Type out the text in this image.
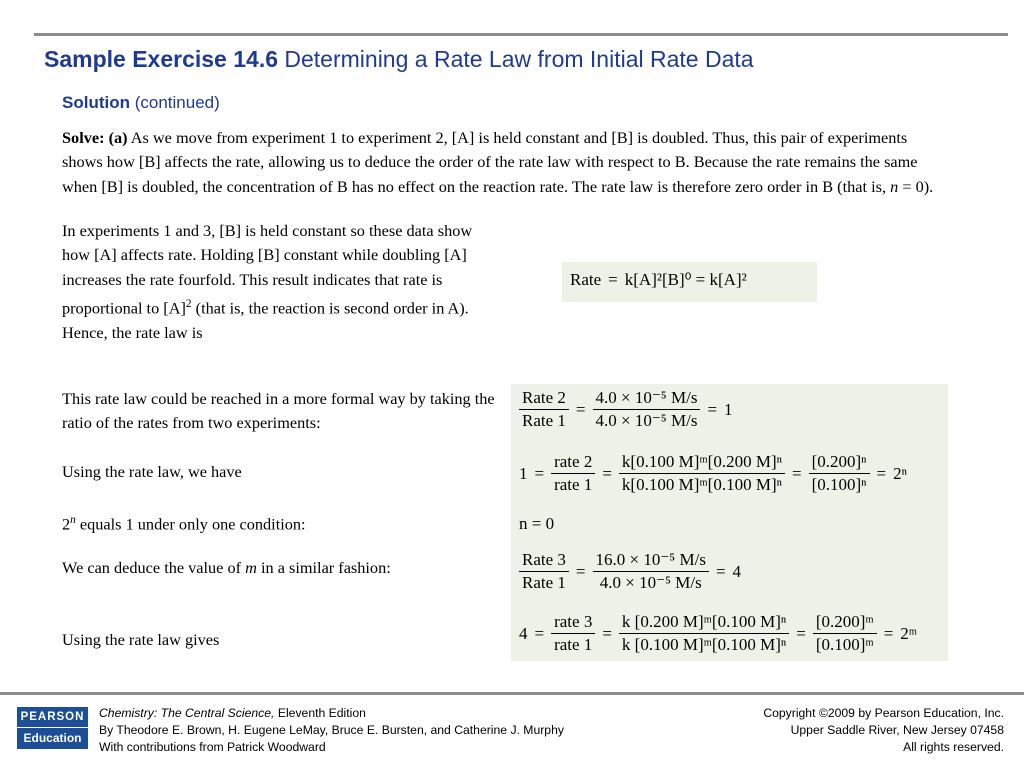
Sample Exercise 14.6 Determining a Rate Law from Initial Rate Data
Solution (continued)
Solve: (a) As we move from experiment 1 to experiment 2, [A] is held constant and [B] is doubled. Thus, this pair of experiments shows how [B] affects the rate, allowing us to deduce the order of the rate law with respect to B. Because the rate remains the same when [B] is doubled, the concentration of B has no effect on the reaction rate. The rate law is therefore zero order in B (that is, n = 0).
In experiments 1 and 3, [B] is held constant so these data show how [A] affects rate. Holding [B] constant while doubling [A] increases the rate fourfold. This result indicates that rate is proportional to $[A]^2$ (that is, the reaction is second order in A). Hence, the rate law is
This rate law could be reached in a more formal way by taking the ratio of the rates from two experiments:
Using the rate law, we have
2$^n$ equals 1 under only one condition:
We can deduce the value of m in a similar fashion:
Using the rate law gives
Rate = k[A]²[B]⁰ = k[A]²
$\frac{\text{Rate 2}}{\text{Rate 1}} = \frac{\text{4.0 × 10⁻⁵ M/s}}{\text{4.0 × 10⁻⁵ M/s}} = 1$
$1 = \frac{\text{rate 2}}{\text{rate 1}} = \frac{\text{k[0.100 M]ᵐ[0.200 M]ⁿ}}{\text{k[0.100 M]ᵐ[0.100 M]ⁿ}} = \frac{\text{[0.200]ⁿ}}{\text{[0.100]ⁿ}} = 2^n$
n = 0
$\frac{\text{Rate 3}}{\text{Rate 1}} = \frac{\text{16.0 × 10⁻⁵ M/s}}{\text{4.0 × 10⁻⁵ M/s}} = 4$
$4 = \frac{\text{rate 3}}{\text{rate 1}} = \frac{\text{k [0.200 M]ᵐ[0.100 M]ⁿ}}{\text{k [0.100 M]ᵐ[0.100 M]ⁿ}} = \frac{\text{[0.200]ᵐ}}{\text{[0.100]ᵐ}}$ = 2ᵐ
PEARSON
Education
Chemistry: The Central Science, Eleventh Edition
By Theodore E. Brown, H. Eugene LeMay, Bruce E. Bursten, and Catherine J. Murphy
With contributions from Patrick Woodward
Copyright ©2009 by Pearson Education, Inc.
Upper Saddle River, New Jersey 07458
All rights reserved.
